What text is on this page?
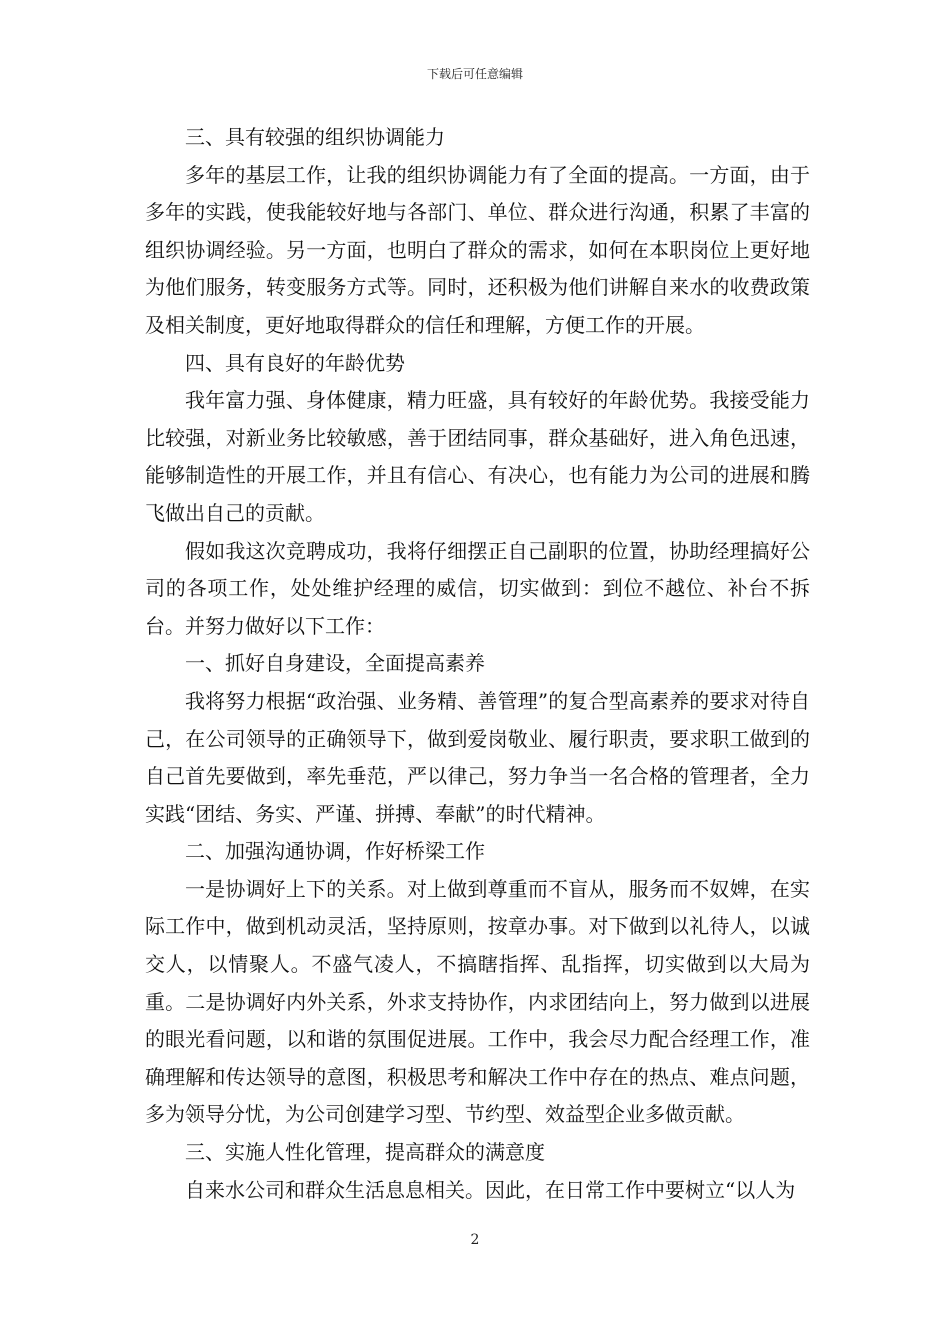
下载后可任意编辑

三、具有较强的组织协调能力

多年的基层工作，让我的组织协调能力有了全面的提高。一方面，由于多年的实践，使我能较好地与各部门、单位、群众进行沟通，积累了丰富的组织协调经验。另一方面，也明白了群众的需求，如何在本职岗位上更好地为他们服务，转变服务方式等。同时，还积极为他们讲解自来水的收费政策及相关制度，更好地取得群众的信任和理解，方便工作的开展。

四、具有良好的年龄优势

我年富力强、身体健康，精力旺盛，具有较好的年龄优势。我接受能力比较强，对新业务比较敏感，善于团结同事，群众基础好，进入角色迅速，能够制造性的开展工作，并且有信心、有决心，也有能力为公司的进展和腾飞做出自己的贡献。

假如我这次竞聘成功，我将仔细摆正自己副职的位置，协助经理搞好公司的各项工作，处处维护经理的威信，切实做到：到位不越位、补台不拆台。并努力做好以下工作：

一、抓好自身建设，全面提高素养

我将努力根据“政治强、业务精、善管理”的复合型高素养的要求对待自己，在公司领导的正确领导下，做到爱岗敬业、履行职责，要求职工做到的自己首先要做到，率先垂范，严以律己，努力争当一名合格的管理者，全力实践“团结、务实、严谨、拼搏、奉献”的时代精神。

二、加强沟通协调，作好桥梁工作

一是协调好上下的关系。对上做到尊重而不盲从，服务而不奴婢，在实际工作中，做到机动灵活，坚持原则，按章办事。对下做到以礼待人，以诚交人，以情聚人。不盛气凌人，不搞瞎指挥、乱指挥，切实做到以大局为重。二是协调好内外关系，外求支持协作，内求团结向上，努力做到以进展的眼光看问题，以和谐的氛围促进展。工作中，我会尽力配合经理工作，准确理解和传达领导的意图，积极思考和解决工作中存在的热点、难点问题，多为领导分忧，为公司创建学习型、节约型、效益型企业多做贡献。

三、实施人性化管理，提高群众的满意度

自来水公司和群众生活息息相关。因此，在日常工作中要树立“以人为

2
